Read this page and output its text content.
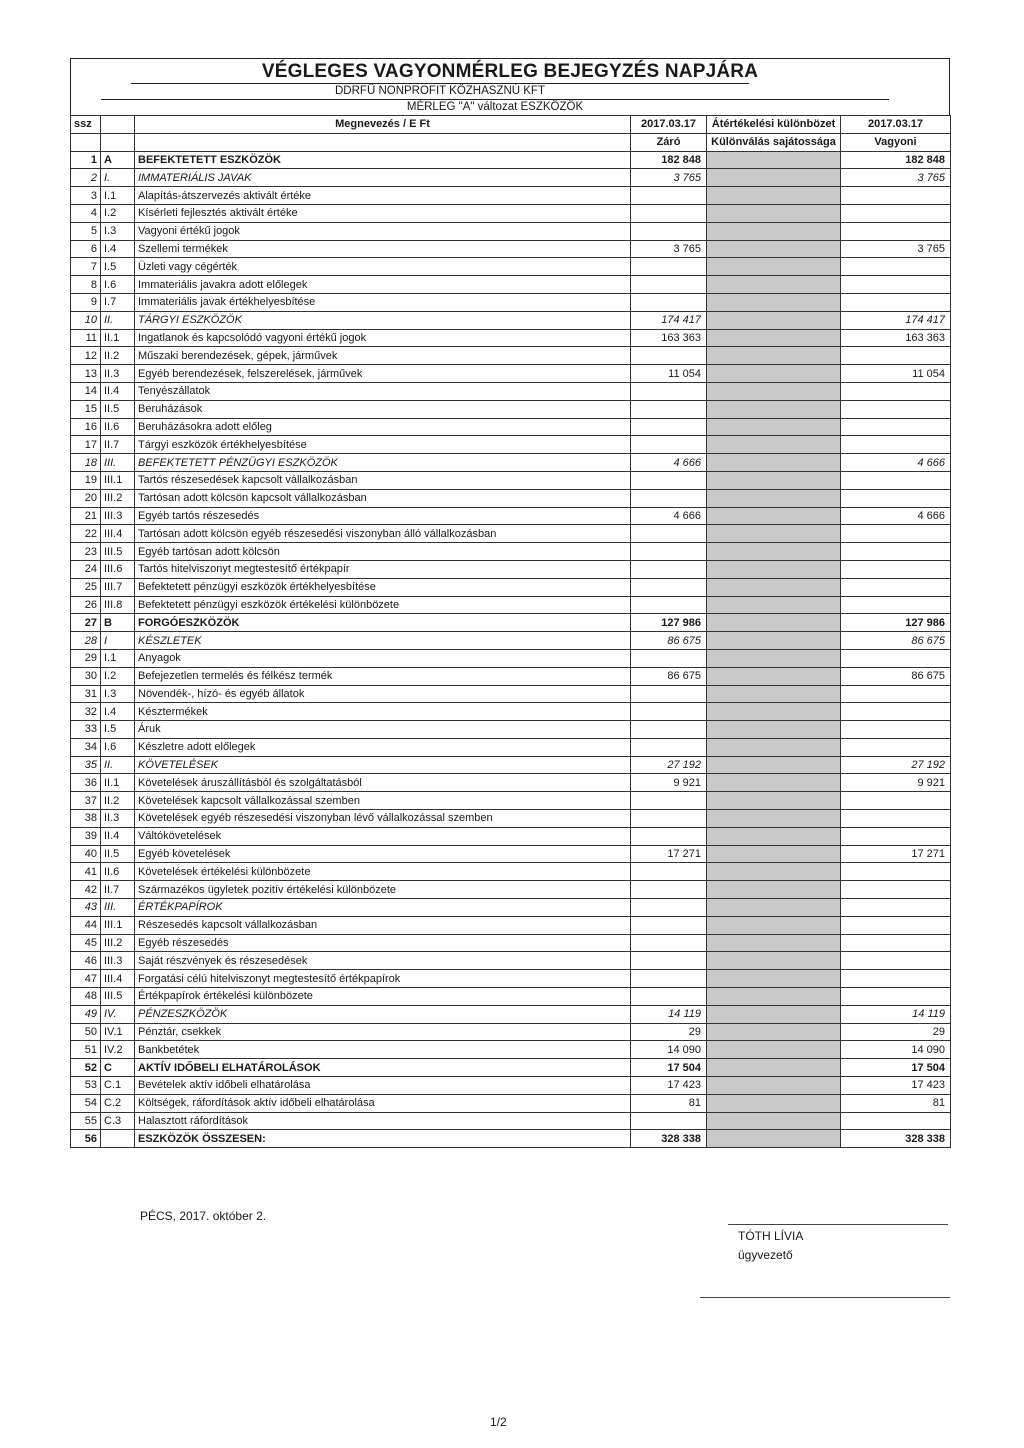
VÉGLEGES VAGYONMÉRLEG BEJEGYZÉS NAPJÁRA
DDRFÜ NONPROFIT KÖZHASZNÚ KFT
MÉRLEG "A" változat ESZKÖZÖK
ssz		Megnevezés / E Ft	2017.03.17	Átértékelési különbözet	2017.03.17
			Záró	Különválás sajátossága	Vagyoni
1	A	BEFEKTETETT ESZKÖZÖK	182 848		182 848
2	I.	IMMATERIÁLIS JAVAK	3 765		3 765
3	I.1	Alapítás-átszervezés aktivált értéke			
4	I.2	Kísérleti fejlesztés aktivált értéke			
5	I.3	Vagyoni értékű jogok			
6	I.4	Szellemi termékek	3 765		3 765
7	I.5	Üzleti vagy cégérték			
8	I.6	Immateriális javakra adott előlegek			
9	I.7	Immateriális javak értékhelyesbítése			
10	II.	TÁRGYI ESZKÖZÖK	174 417		174 417
11	II.1	Ingatlanok és kapcsolódó vagyoni értékű jogok	163 363		163 363
12	II.2	Műszaki berendezések, gépek, járművek			
13	II.3	Egyéb berendezések, felszerelések, járművek	11 054		11 054
14	II.4	Tenyészállatok			
15	II.5	Beruházások			
16	II.6	Beruházásokra adott előleg			
17	II.7	Tárgyi eszközök értékhelyesbítése			
18	III.	BEFEKTETETT PÉNZÜGYI ESZKÖZÖK	4 666		4 666
19	III.1	Tartós részesedések kapcsolt vállalkozásban			
20	III.2	Tartósan adott kölcsön kapcsolt vállalkozásban			
21	III.3	Egyéb tartós részesedés	4 666		4 666
22	III.4	Tartósan adott kölcsön egyéb részesedési viszonyban álló vállalkozásban			
23	III.5	Egyéb tartósan adott kölcsön			
24	III.6	Tartós hitelviszonyt megtestesítő értékpapír			
25	III.7	Befektetett pénzügyi eszközök értékhelyesbítése			
26	III.8	Befektetett pénzügyi eszközök értékelési különbözete			
27	B	FORGÓESZKÖZÖK	127 986		127 986
28	I	KÉSZLETEK	86 675		86 675
29	I.1	Anyagok			
30	I.2	Befejezetlen termelés és félkész termék	86 675		86 675
31	I.3	Növendék-, hízó- és egyéb állatok			
32	I.4	Késztermékek			
33	I.5	Áruk			
34	I.6	Készletre adott előlegek			
35	II.	KÖVETELÉSEK	27 192		27 192
36	II.1	Követelések áruszállításból és szolgáltatásból	9 921		9 921
37	II.2	Követelések kapcsolt vállalkozással szemben			
38	II.3	Követelések egyéb részesedési viszonyban lévő vállalkozással szemben			
39	II.4	Váltókövetelések			
40	II.5	Egyéb követelések	17 271		17 271
41	II.6	Követelések értékelési különbözete			
42	II.7	Származékos ügyletek pozitív értékelési különbözete			
43	III.	ÉRTÉKPAPÍROK			
44	III.1	Részesedés kapcsolt vállalkozásban			
45	III.2	Egyéb részesedés			
46	III.3	Saját részvények és részesedések			
47	III.4	Forgatási célú hitelviszonyt megtestesítő értékpapírok			
48	III.5	Értékpapírok értékelési különbözete			
49	IV.	PÉNZESZKÖZÖK	14 119		14 119
50	IV.1	Pénztár, csekkek	29		29
51	IV.2	Bankbetétek	14 090		14 090
52	C	AKTÍV IDŐBELI ELHATÁROLÁSOK	17 504		17 504
53	C.1	Bevételek aktív időbeli elhatárolása	17 423		17 423
54	C.2	Költségek, ráfordítások aktív időbeli elhatárolása	81		81
55	C.3	Halasztott ráfordítások			
56		ESZKÖZÖK ÖSSZESEN:	328 338		328 338
PÉCS, 2017. október 2.
TÓTH LÍVIA
ügyvezető
1/2
